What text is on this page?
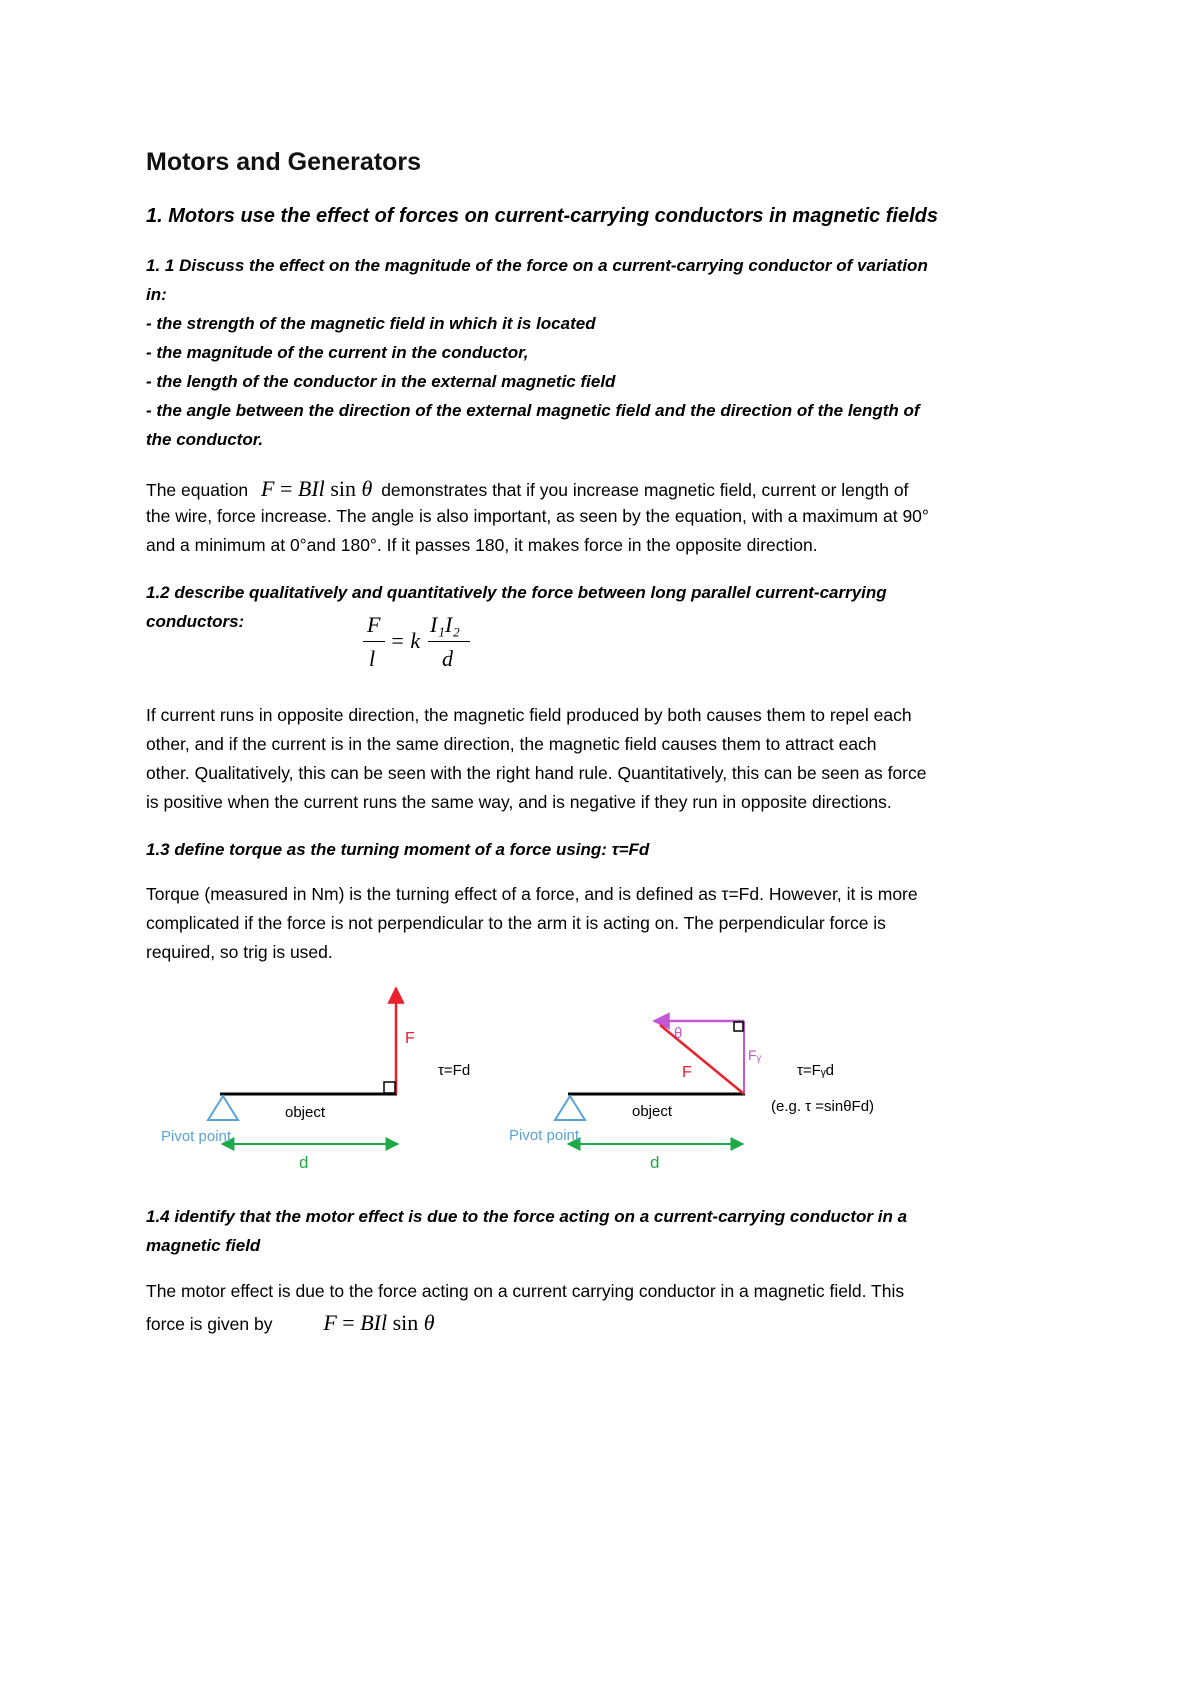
Motors and Generators
1. Motors use the effect of forces on current-carrying conductors in magnetic fields
1. 1 Discuss the effect on the magnitude of the force on a current-carrying conductor of variation
in:
- the strength of the magnetic field in which it is located
- the magnitude of the current in the conductor,
- the length of the conductor in the external magnetic field
- the angle between the direction of the external magnetic field and the direction of the length of
the conductor.
The equation F = BIl sin θ demonstrates that if you increase magnetic field, current or length of
the wire, force increase. The angle is also important, as seen by the equation, with a maximum at 90°
and a minimum at 0°and 180°. If it passes 180, it makes force in the opposite direction.
1.2 describe qualitatively and quantitatively the force between long parallel current-carrying
conductors:	F
l
= k
I₁I₂
d
If current runs in opposite direction, the magnetic field produced by both causes them to repel each
other, and if the current is in the same direction, the magnetic field causes them to attract each
other. Qualitatively, this can be seen with the right hand rule. Quantitatively, this can be seen as force
is positive when the current runs the same way, and is negative if they run in opposite directions.
1.3 define torque as the turning moment of a force using: τ=Fd
Torque (measured in Nm) is the turning effect of a force, and is defined as τ=Fd. However, it is more
complicated if the force is not perpendicular to the arm it is acting on. The perpendicular force is
required, so trig is used.
F
τ=Fd
object
Pivot point
d
θ
Fᵧ
F	τ=Fᵧd
(e.g. τ =sinθFd)
object
Pivot point
d
1.4 identify that the motor effect is due to the force acting on a current-carrying conductor in a
magnetic field
The motor effect is due to the force acting on a current carrying conductor in a magnetic field. This
force is given by F = BIl sin θ
